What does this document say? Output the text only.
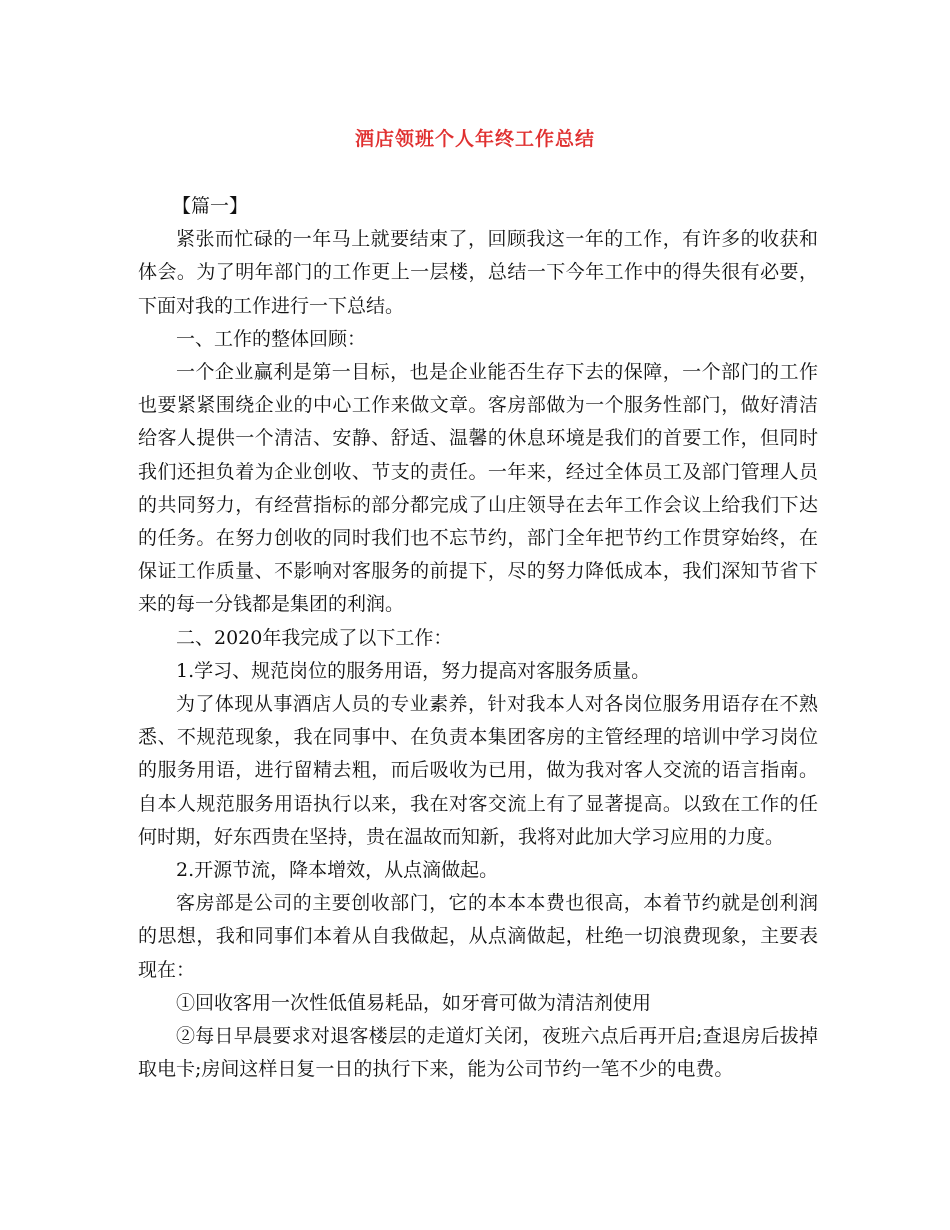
酒店领班个人年终工作总结

【篇一】

紧张而忙碌的一年马上就要结束了，回顾我这一年的工作，有许多的收获和体会。为了明年部门的工作更上一层楼，总结一下今年工作中的得失很有必要，下面对我的工作进行一下总结。

一、工作的整体回顾：

一个企业赢利是第一目标，也是企业能否生存下去的保障，一个部门的工作也要紧紧围绕企业的中心工作来做文章。客房部做为一个服务性部门，做好清洁给客人提供一个清洁、安静、舒适、温馨的休息环境是我们的首要工作，但同时我们还担负着为企业创收、节支的责任。一年来，经过全体员工及部门管理人员的共同努力，有经营指标的部分都完成了山庄领导在去年工作会议上给我们下达的任务。在努力创收的同时我们也不忘节约，部门全年把节约工作贯穿始终，在保证工作质量、不影响对客服务的前提下，尽的努力降低成本，我们深知节省下来的每一分钱都是集团的利润。

二、2020年我完成了以下工作：

1.学习、规范岗位的服务用语，努力提高对客服务质量。

为了体现从事酒店人员的专业素养，针对我本人对各岗位服务用语存在不熟悉、不规范现象，我在同事中、在负责本集团客房的主管经理的培训中学习岗位的服务用语，进行留精去粗，而后吸收为已用，做为我对客人交流的语言指南。自本人规范服务用语执行以来，我在对客交流上有了显著提高。以致在工作的任何时期，好东西贵在坚持，贵在温故而知新，我将对此加大学习应用的力度。

2.开源节流，降本增效，从点滴做起。

客房部是公司的主要创收部门，它的本本本费也很高，本着节约就是创利润的思想，我和同事们本着从自我做起，从点滴做起，杜绝一切浪费现象，主要表现在：

①回收客用一次性低值易耗品，如牙膏可做为清洁剂使用

②每日早晨要求对退客楼层的走道灯关闭，夜班六点后再开启;查退房后拔掉取电卡;房间这样日复一日的执行下来，能为公司节约一笔不少的电费。
